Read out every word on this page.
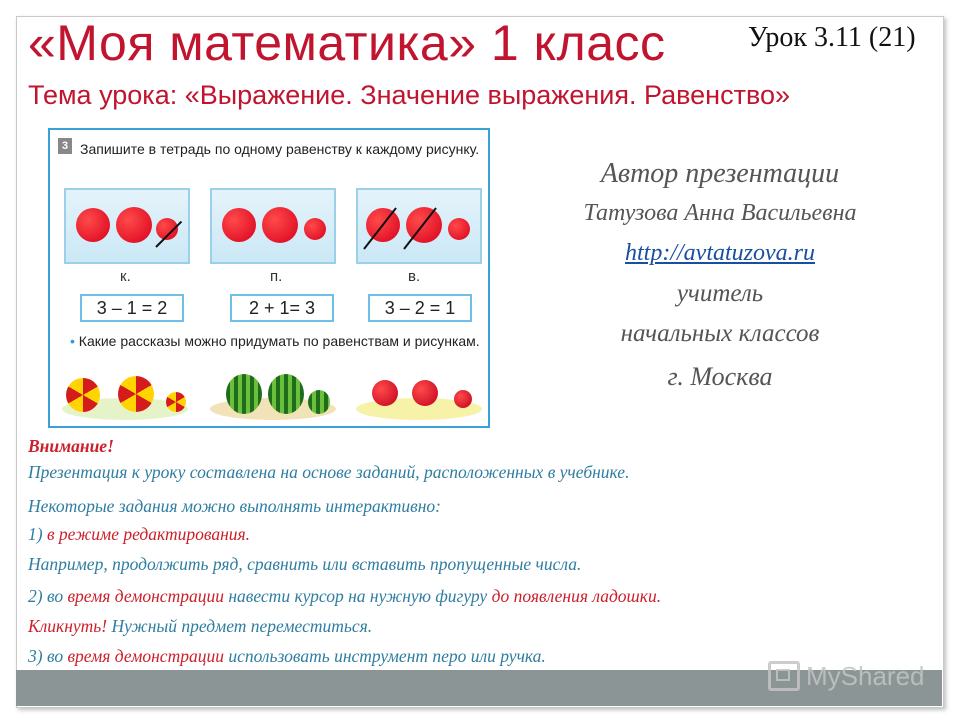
«Моя математика» 1 класс	Урок 3.11 (21)
Тема урока: «Выражение. Значение выражения. Равенство»
3 Запишите в тетрадь по одному равенству к каждому рисунку.
к.
3 – 1 = 2
п.
2 + 1= 3
в.
3 – 2 = 1
• Какие рассказы можно придумать по равенствам и рисункам.
Автор презентации
Татузова Анна Васильевна
http://avtatuzova.ru
учитель
начальных классов
г. Москва
Внимание!
Презентация к уроку составлена на основе заданий, расположенных в учебнике.
Некоторые задания можно выполнять интерактивно:
1) в режиме редактирования.
Например, продолжить ряд, сравнить или вставить пропущенные числа.
2) во время демонстрации навести курсор на нужную фигуру до появления ладошки.
Кликнуть! Нужный предмет переместиться.
3) во время демонстрации использовать инструмент перо или ручка.
MyShared
